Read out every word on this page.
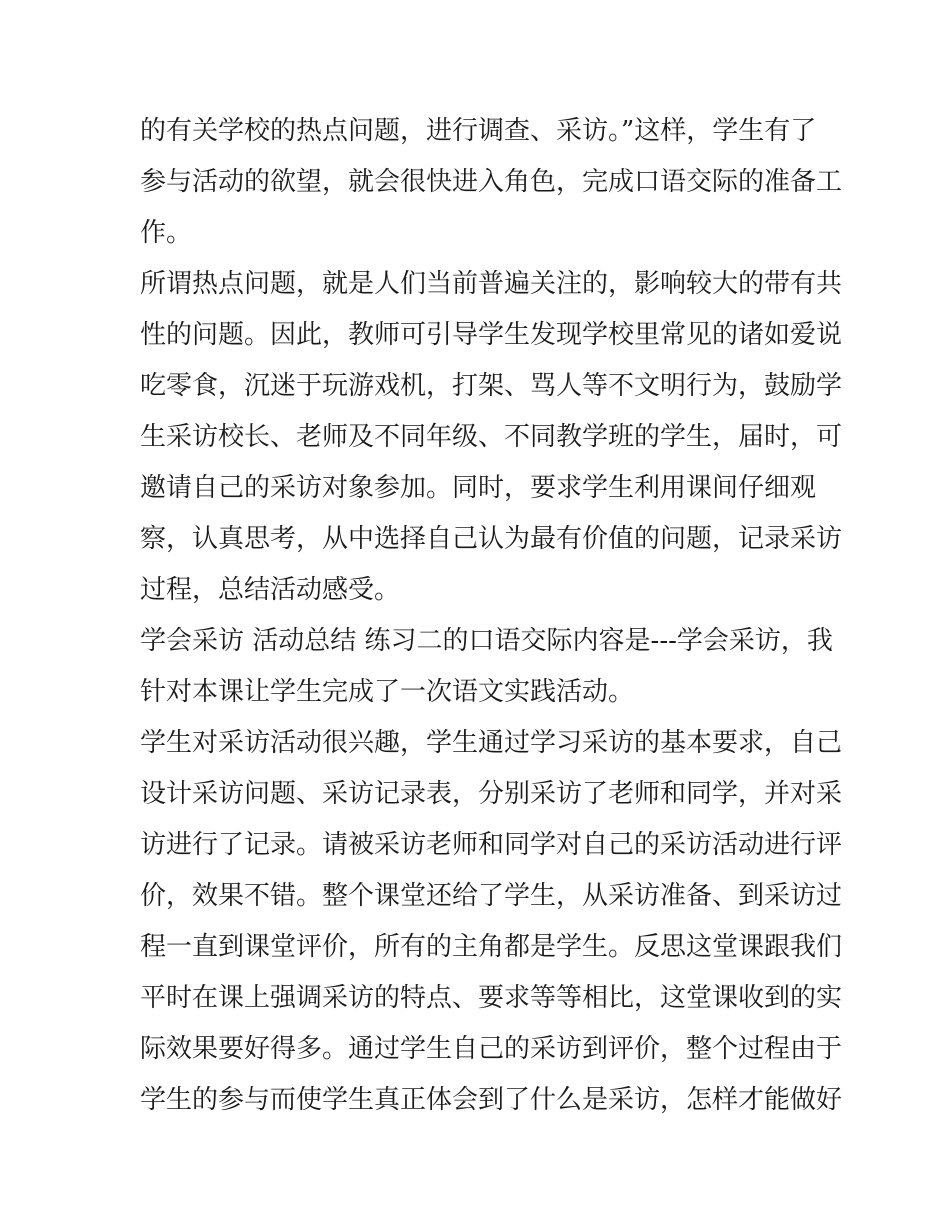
的有关学校的热点问题，进行调查、采访。”这样，学生有了
参与活动的欲望，就会很快进入角色，完成口语交际的准备工
作。
所谓热点问题，就是人们当前普遍关注的，影响较大的带有共
性的问题。因此，教师可引导学生发现学校里常见的诸如爱说
吃零食，沉迷于玩游戏机，打架、骂人等不文明行为，鼓励学
生采访校长、老师及不同年级、不同教学班的学生，届时，可
邀请自己的采访对象参加。同时，要求学生利用课间仔细观
察，认真思考，从中选择自己认为最有价值的问题，记录采访
过程，总结活动感受。
学会采访 活动总结 练习二的口语交际内容是---学会采访，我
针对本课让学生完成了一次语文实践活动。
学生对采访活动很兴趣，学生通过学习采访的基本要求，自己
设计采访问题、采访记录表，分别采访了老师和同学，并对采
访进行了记录。请被采访老师和同学对自己的采访活动进行评
价，效果不错。整个课堂还给了学生，从采访准备、到采访过
程一直到课堂评价，所有的主角都是学生。反思这堂课跟我们
平时在课上强调采访的特点、要求等等相比，这堂课收到的实
际效果要好得多。通过学生自己的采访到评价，整个过程由于
学生的参与而使学生真正体会到了什么是采访，怎样才能做好
